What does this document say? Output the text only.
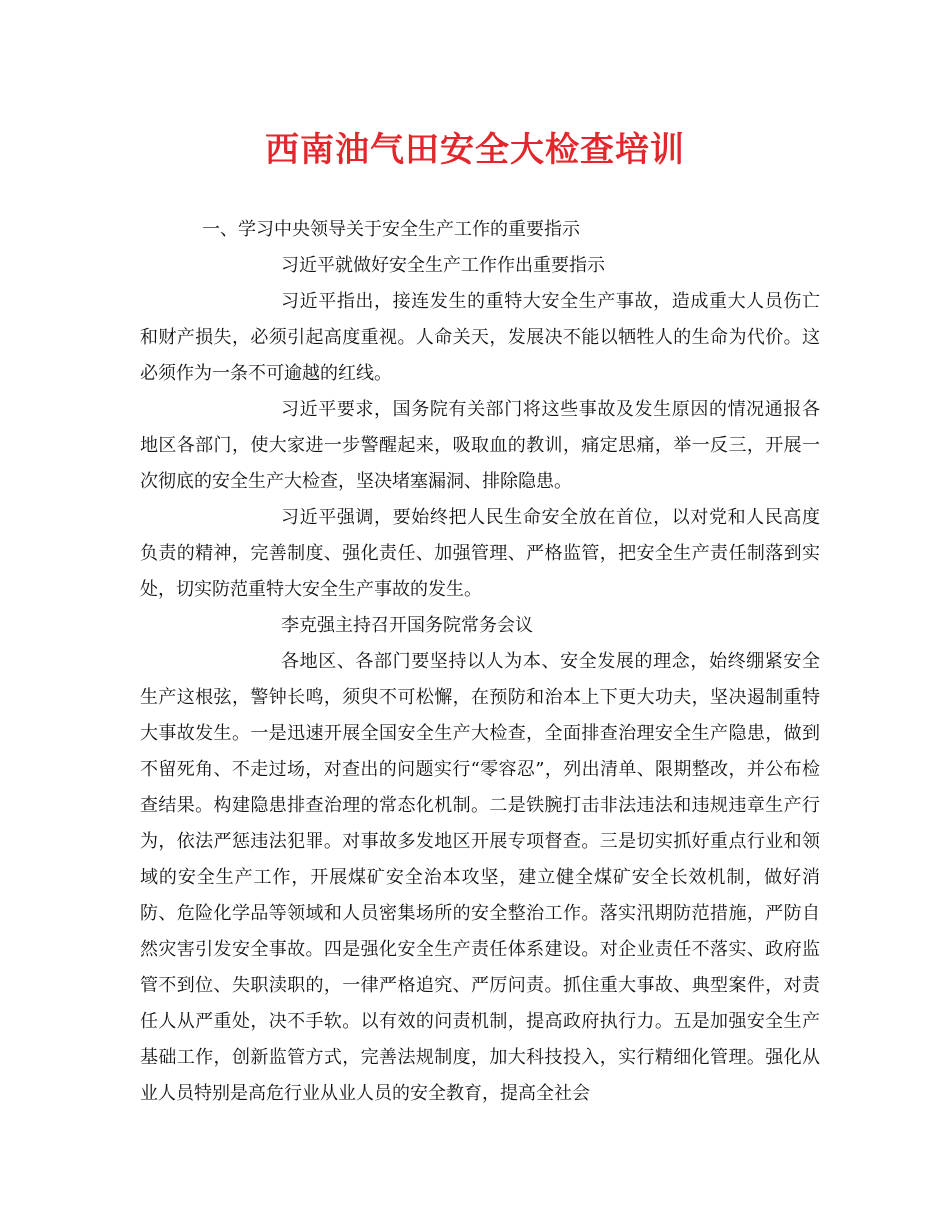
西南油气田安全大检查培训

一、学习中央领导关于安全生产工作的重要指示

习近平就做好安全生产工作作出重要指示

习近平指出，接连发生的重特大安全生产事故，造成重大人员伤亡和财产损失，必须引起高度重视。人命关天，发展决不能以牺牲人的生命为代价。这必须作为一条不可逾越的红线。

习近平要求，国务院有关部门将这些事故及发生原因的情况通报各地区各部门，使大家进一步警醒起来，吸取血的教训，痛定思痛，举一反三，开展一次彻底的安全生产大检查，坚决堵塞漏洞、排除隐患。

习近平强调，要始终把人民生命安全放在首位，以对党和人民高度负责的精神，完善制度、强化责任、加强管理、严格监管，把安全生产责任制落到实处，切实防范重特大安全生产事故的发生。

李克强主持召开国务院常务会议

各地区、各部门要坚持以人为本、安全发展的理念，始终绷紧安全生产这根弦，警钟长鸣，须臾不可松懈，在预防和治本上下更大功夫，坚决遏制重特大事故发生。一是迅速开展全国安全生产大检查，全面排查治理安全生产隐患，做到不留死角、不走过场，对查出的问题实行“零容忍”，列出清单、限期整改，并公布检查结果。构建隐患排查治理的常态化机制。二是铁腕打击非法违法和违规违章生产行为，依法严惩违法犯罪。对事故多发地区开展专项督查。三是切实抓好重点行业和领域的安全生产工作，开展煤矿安全治本攻坚，建立健全煤矿安全长效机制，做好消防、危险化学品等领域和人员密集场所的安全整治工作。落实汛期防范措施，严防自然灾害引发安全事故。四是强化安全生产责任体系建设。对企业责任不落实、政府监管不到位、失职渎职的，一律严格追究、严厉问责。抓住重大事故、典型案件，对责任人从严重处，决不手软。以有效的问责机制，提高政府执行力。五是加强安全生产基础工作，创新监管方式，完善法规制度，加大科技投入，实行精细化管理。强化从业人员特别是高危行业从业人员的安全教育，提高全社会
